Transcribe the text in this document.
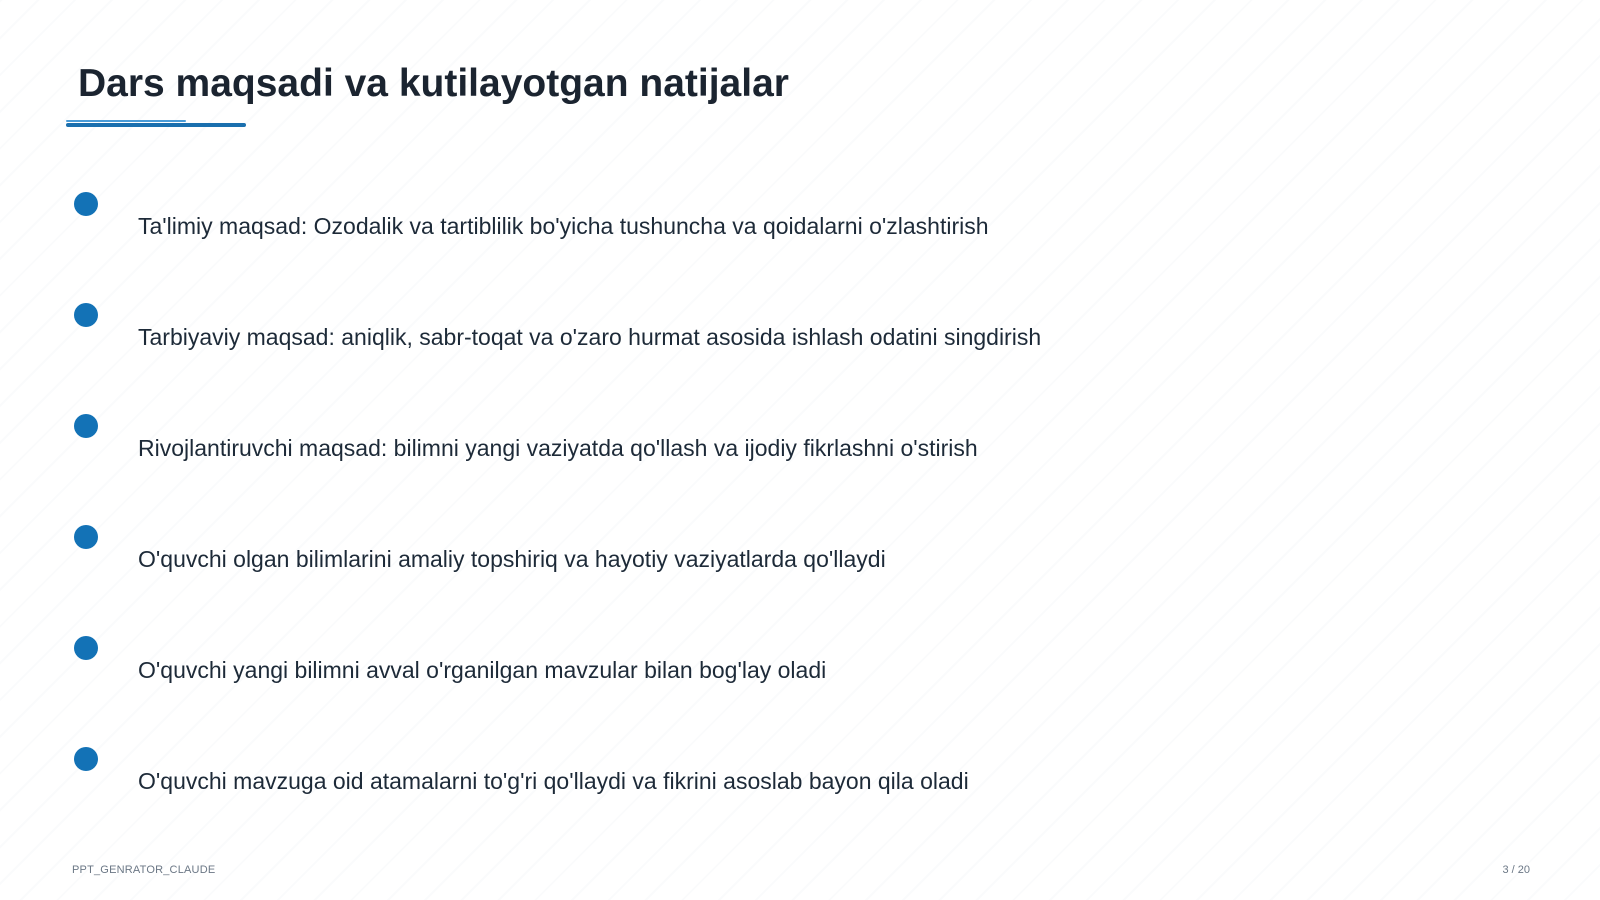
Dars maqsadi va kutilayotgan natijalar
Ta'limiy maqsad: Ozodalik va tartiblilik bo'yicha tushuncha va qoidalarni o'zlashtirish
Tarbiyaviy maqsad: aniqlik, sabr-toqat va o'zaro hurmat asosida ishlash odatini singdirish
Rivojlantiruvchi maqsad: bilimni yangi vaziyatda qo'llash va ijodiy fikrlashni o'stirish
O'quvchi olgan bilimlarini amaliy topshiriq va hayotiy vaziyatlarda qo'llaydi
O'quvchi yangi bilimni avval o'rganilgan mavzular bilan bog'lay oladi
O'quvchi mavzuga oid atamalarni to'g'ri qo'llaydi va fikrini asoslab bayon qila oladi
PPT_GENRATOR_CLAUDE	3 / 20
